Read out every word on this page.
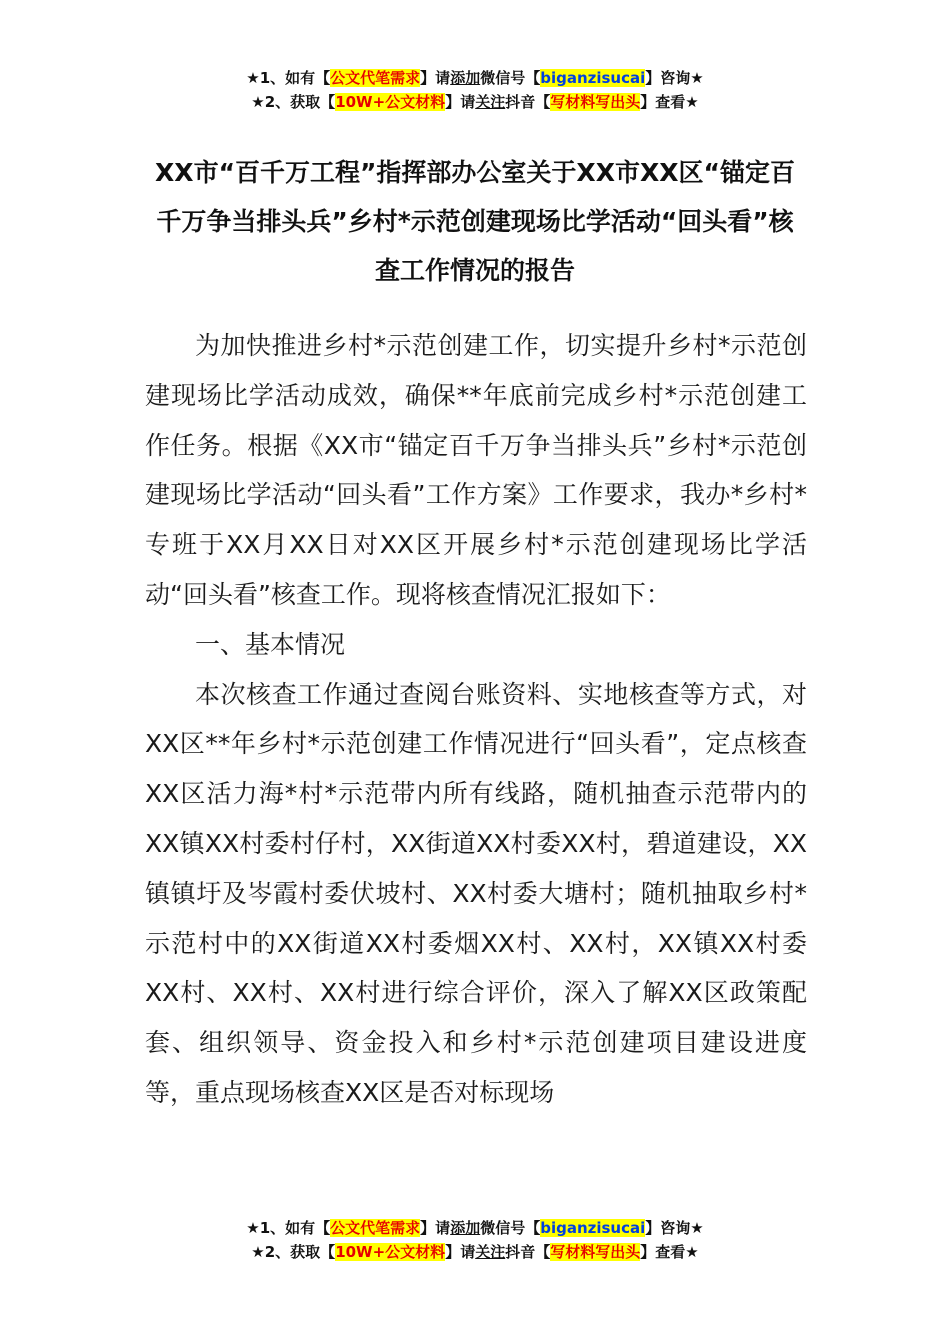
★1、如有【公文代笔需求】请添加微信号【biganzisucai】咨询★
★2、获取【10W+公文材料】请关注抖音【写材料写出头】查看★
XX市“百千万工程”指挥部办公室关于XX市XX区“锚定百千万争当排头兵”乡村*示范创建现场比学活动“回头看”核查工作情况的报告

为加快推进乡村*示范创建工作，切实提升乡村*示范创建现场比学活动成效，确保**年底前完成乡村*示范创建工作任务。根据《XX市“锚定百千万争当排头兵”乡村*示范创建现场比学活动“回头看”工作方案》工作要求，我办*乡村*专班于XX月XX日对XX区开展乡村*示范创建现场比学活动“回头看”核查工作。现将核查情况汇报如下：

一、基本情况

本次核查工作通过查阅台账资料、实地核查等方式，对XX区**年乡村*示范创建工作情况进行“回头看”，定点核查XX区活力海*村*示范带内所有线路，随机抽查示范带内的XX镇XX村委村仔村，XX街道XX村委XX村，碧道建设，XX镇镇圩及岑霞村委伏坡村、XX村委大塘村；随机抽取乡村*示范村中的XX街道XX村委烟XX村、XX村，XX镇XX村委XX村、XX村、XX村进行综合评价，深入了解XX区政策配套、组织领导、资金投入和乡村*示范创建项目建设进度等，重点现场核查XX区是否对标现场

★1、如有【公文代笔需求】请添加微信号【biganzisucai】咨询★
★2、获取【10W+公文材料】请关注抖音【写材料写出头】查看★
